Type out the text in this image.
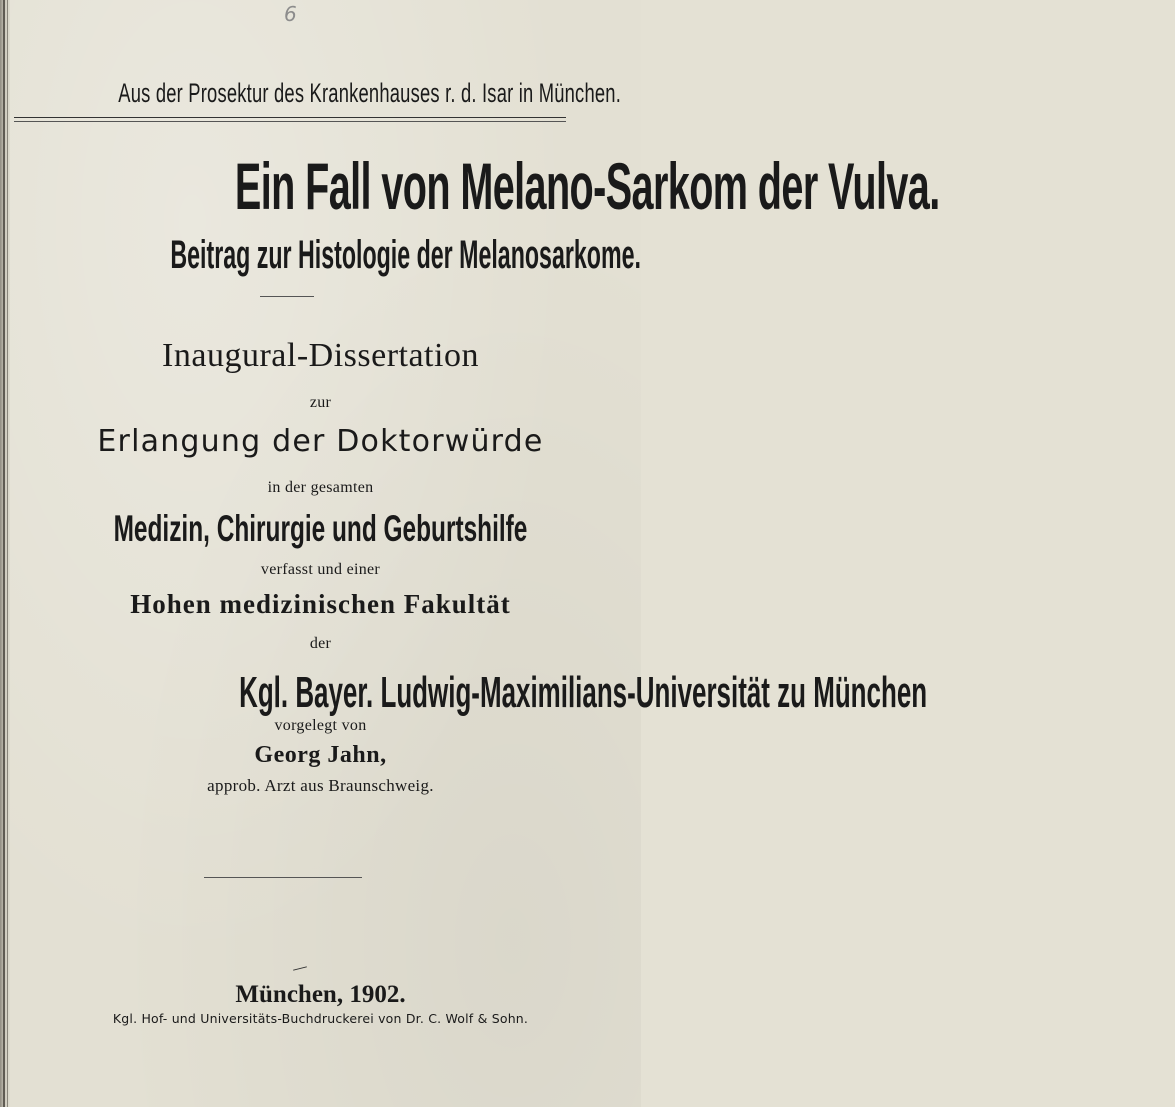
6
Aus der Prosektur des Krankenhauses r. d. Isar in München.
Ein Fall von Melano-Sarkom der Vulva.
Beitrag zur Histologie der Melanosarkome.
Inaugural-Dissertation
zur
Erlangung der Doktorwürde
in der gesamten
Medizin, Chirurgie und Geburtshilfe
verfasst und einer
Hohen medizinischen Fakultät
der
Kgl. Bayer. Ludwig-Maximilians-Universität zu München
vorgelegt von
Georg Jahn,
approb. Arzt aus Braunschweig.
München, 1902.
Kgl. Hof- und Universitäts-Buchdruckerei von Dr. C. Wolf & Sohn.
